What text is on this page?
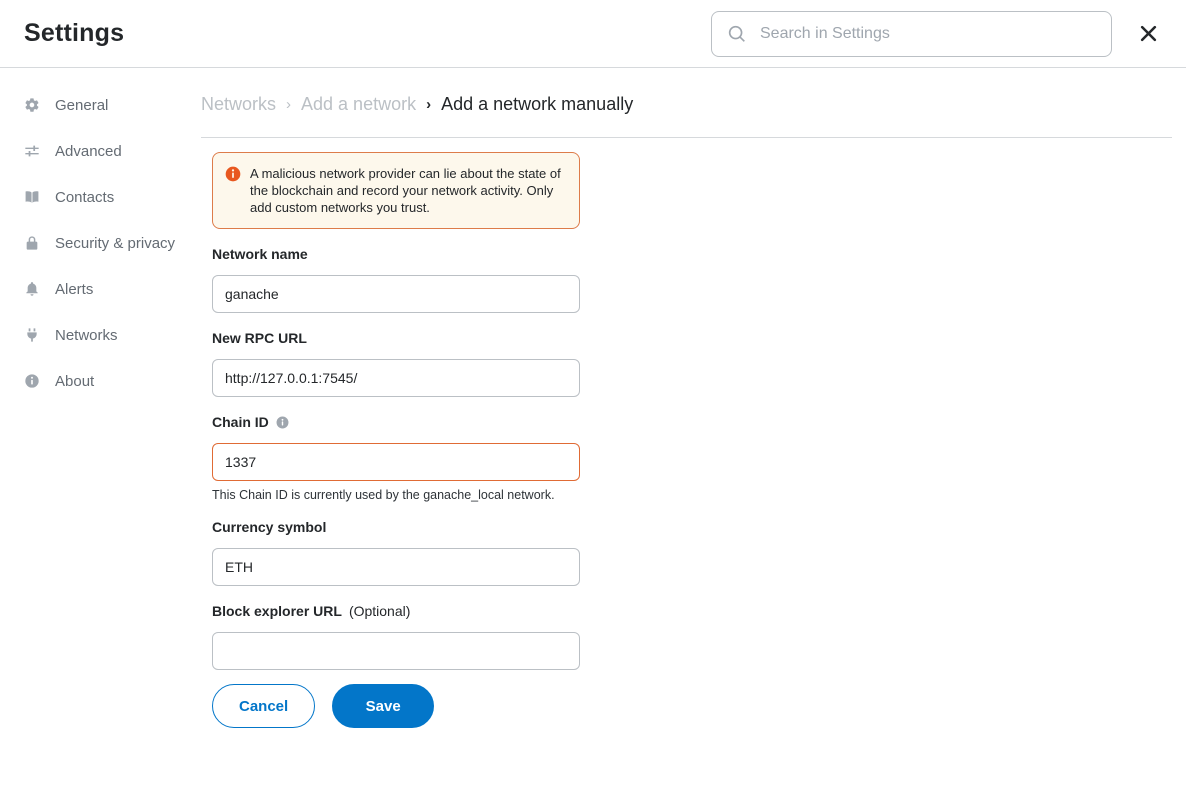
Settings
Search in Settings
General
Advanced
Contacts
Security & privacy
Alerts
Networks
About
Networks › Add a network › Add a network manually
A malicious network provider can lie about the state of the blockchain and record your network activity. Only add custom networks you trust.
Network name
ganache
New RPC URL
http://127.0.0.1:7545/
Chain ID
1337
This Chain ID is currently used by the ganache_local network.
Currency symbol
ETH
Block explorer URL (Optional)
Cancel	Save
